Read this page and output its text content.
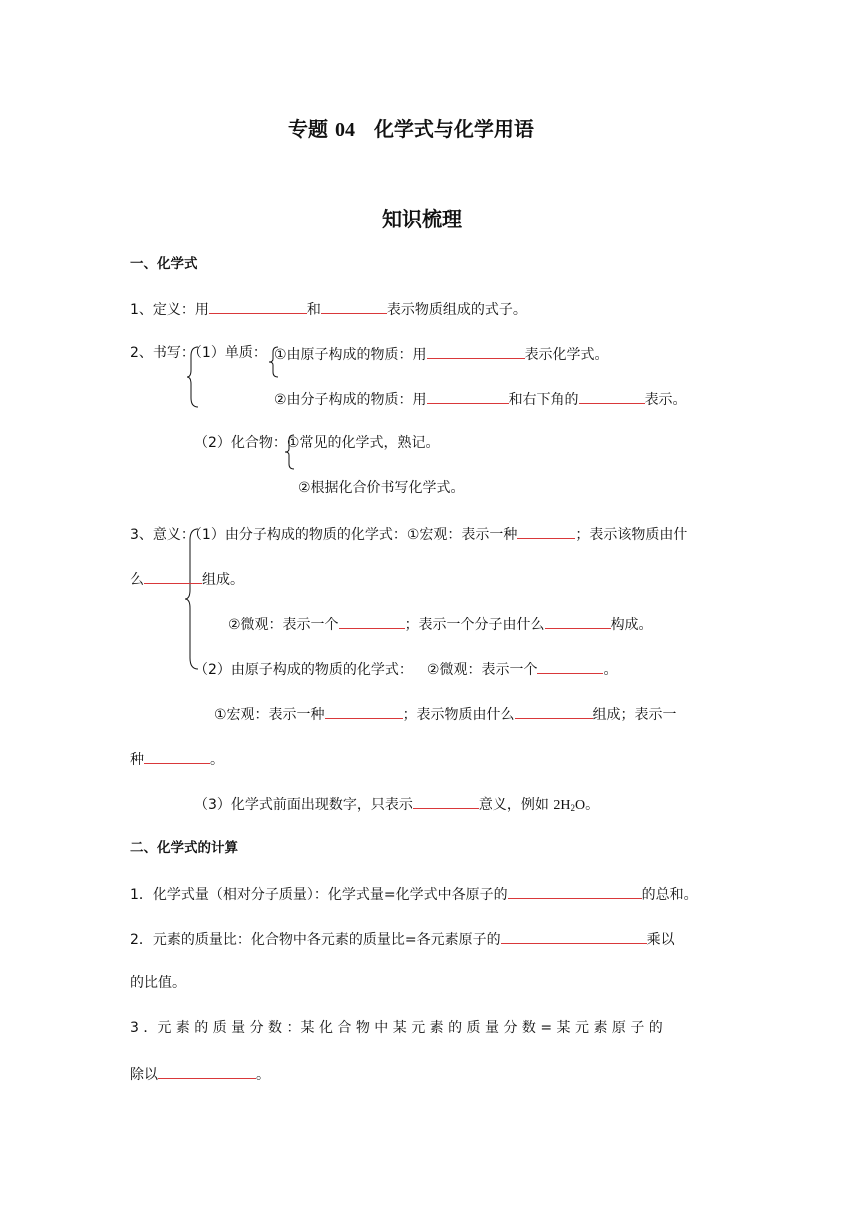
专题 04 化学式与化学用语
知识梳理
一、化学式
1、定义：用	和	表示物质组成的式子。
2、书写：（1）单质： ①由原子构成的物质：用	表示化学式。
②由分子构成的物质：用	和右下角的	表示。
（2）化合物：①常见的化学式，熟记。
②根据化合价书写化学式。
3、意义：（1）由分子构成的物质的化学式：①宏观：表示一种	；表示该物质由什
么	组成。
②微观：表示一个	；表示一个分子由什么	构成。
（2）由原子构成的物质的化学式： ②微观：表示一个	。
①宏观：表示一种	；表示物质由什么	组成；表示一
种	。
（3）化学式前面出现数字，只表示	意义，例如 $2H_2O$。
二、化学式的计算
1．化学式量（相对分子质量）：化学式量=化学式中各原子的	的总和。
2．元素的质量比：化合物中各元素的质量比=各元素原子的	乘以
的比值。
3 ．元 素 的 质 量 分 数 ：某 化 合 物 中 某 元 素 的 质 量 分 数 = 某 元 素 原 子 的
除以	。
